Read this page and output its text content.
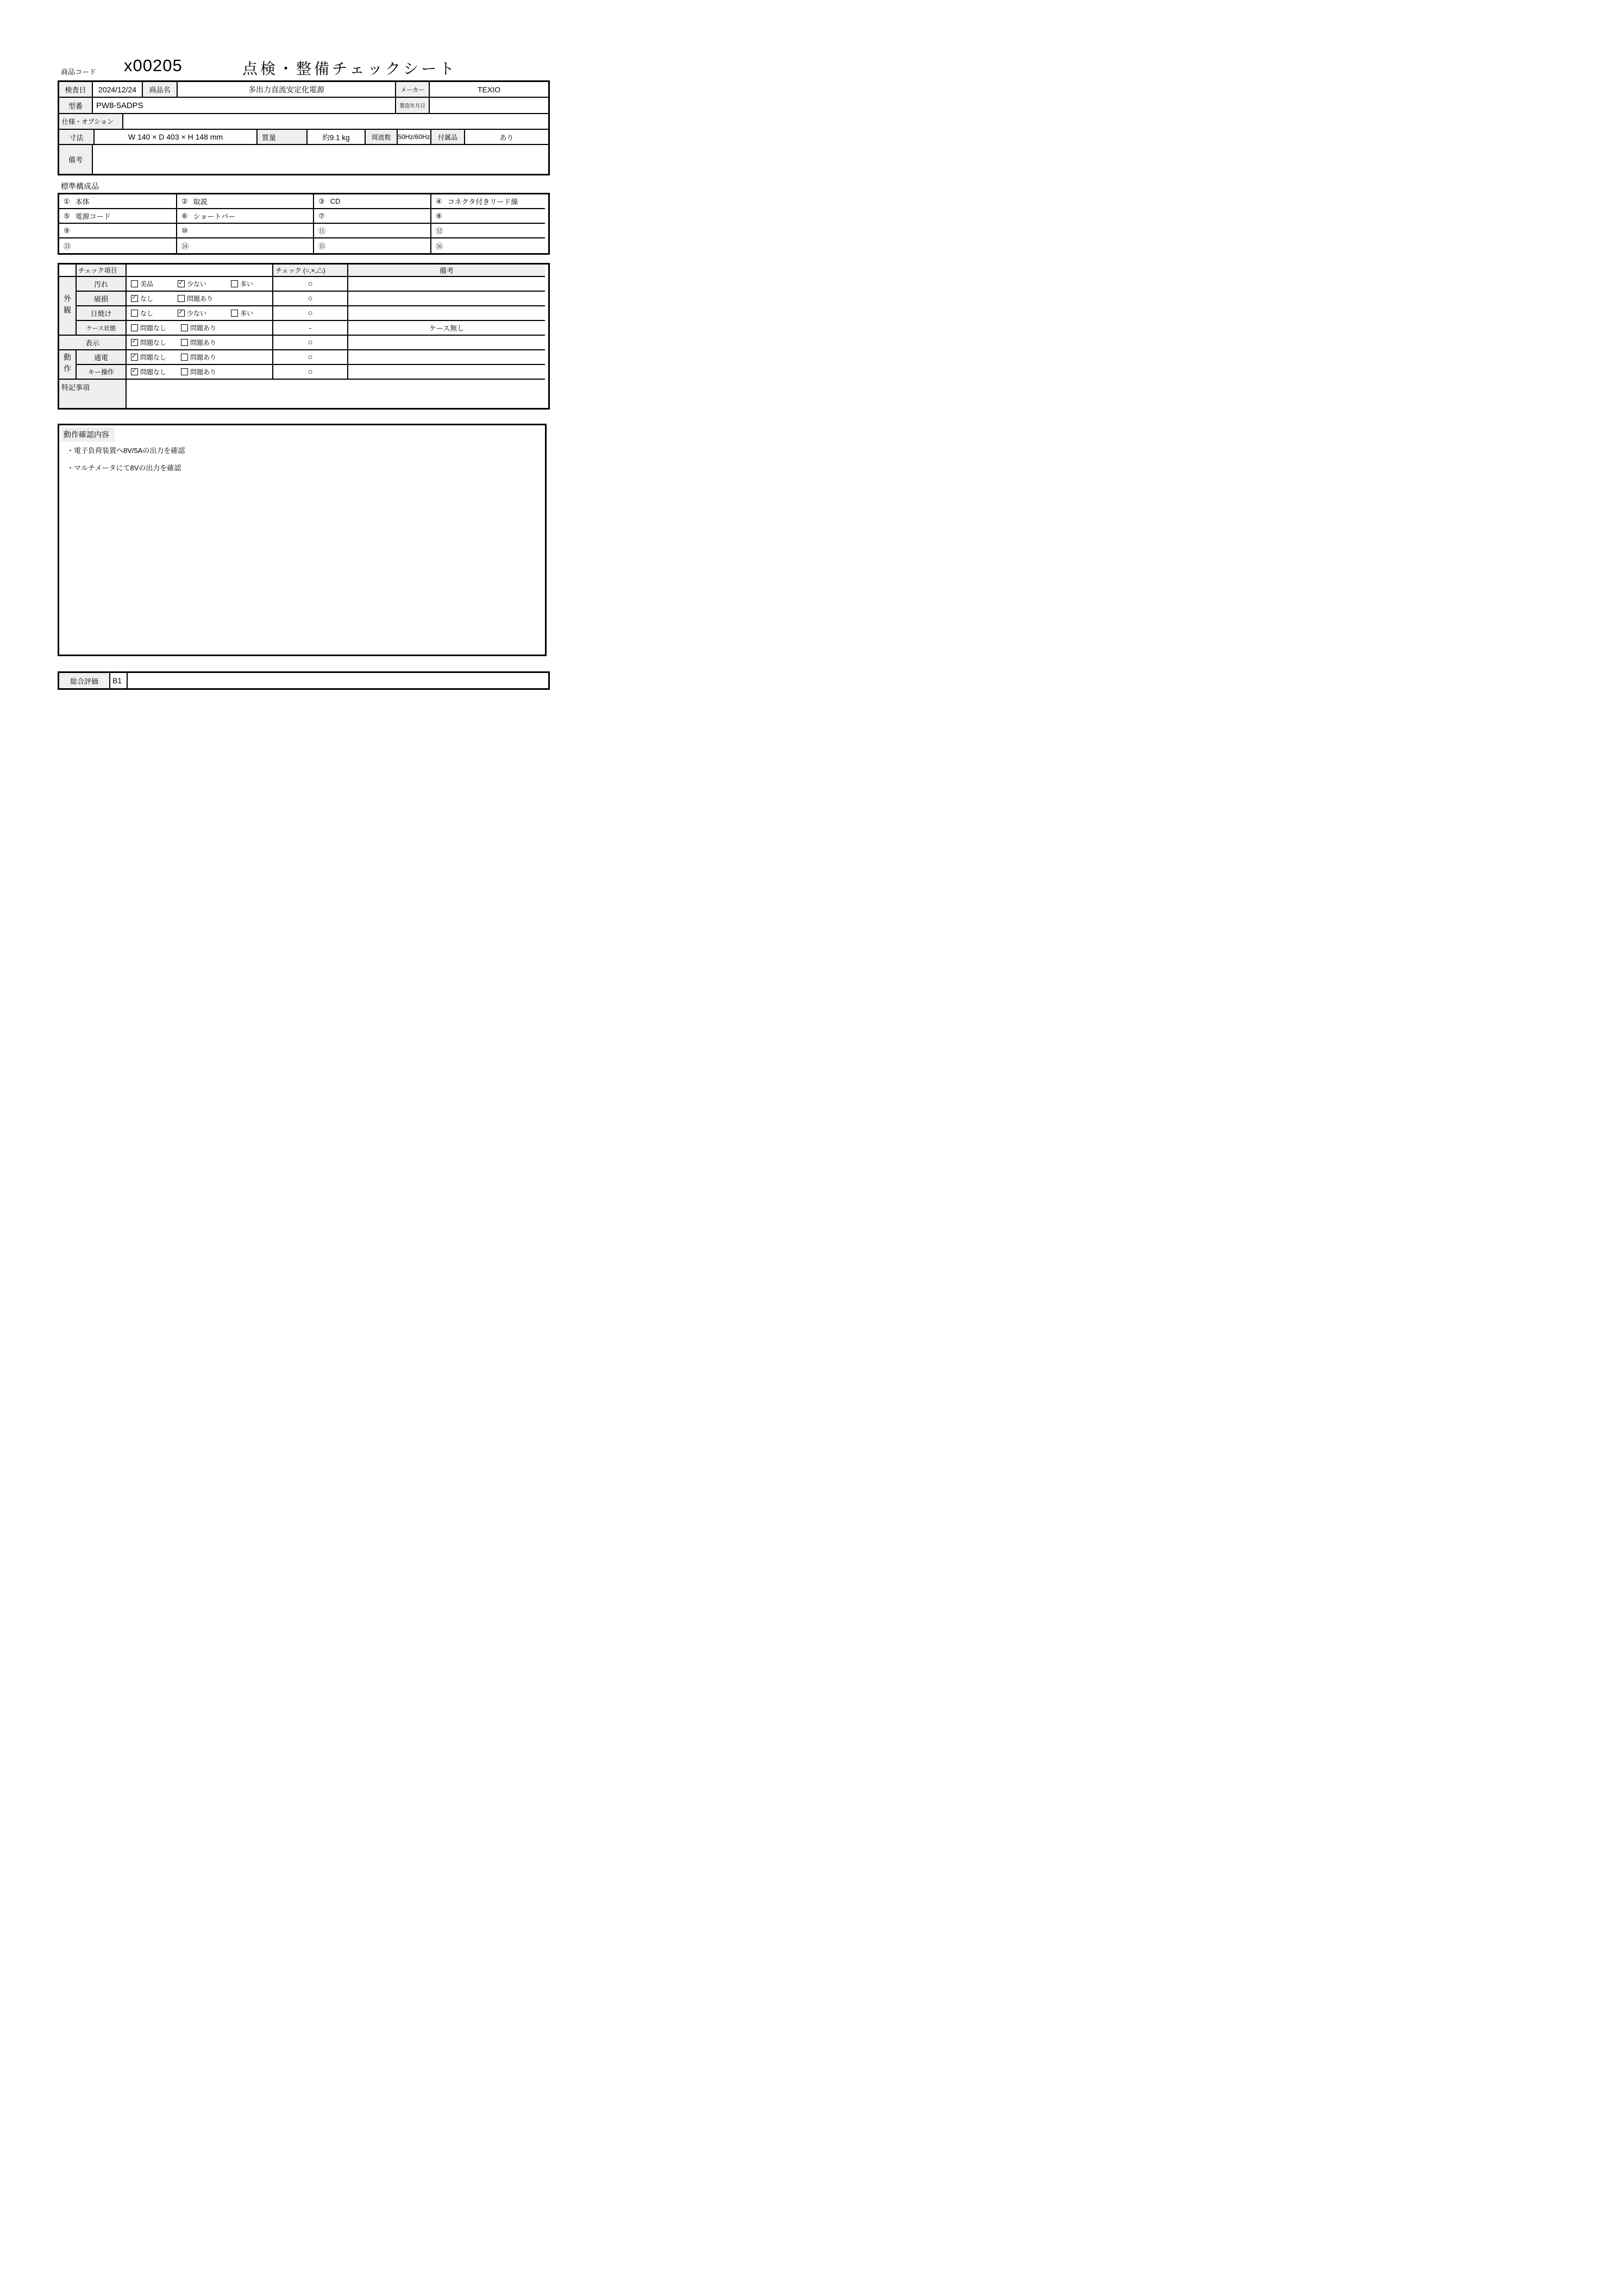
商品コード x00205	点検・整備チェックシート
検査日	2024/12/24	商品名	多出力直流安定化電源	メーカー	TEXIO
型番	PW8-5ADPS	製造年月日
仕様・オプション
寸法	W 140 × D 403 × H 148 mm	質量	約9.1 kg	周波数	50Hz/60Hz	付属品	あり
備考
標準構成品
① 本体	② 取説	③ CD	④ コネクタ付きリード線
⑤ 電源コード	⑥ ショートバー	⑦	⑧
⑨	⑩	⑪	⑫
⑬	⑭	⑮	⑯
チェック項目	チェック (○,×,△)	備考
外観
汚れ	美品 ✓	少ない	多い	○
破損 ✓	なし	問題あり	○
日焼け	なし ✓	少ない	多い	○
ケース状態	問題なし	問題あり	-	ケース無し
表示 ✓	問題なし	問題あり	○
動作	通電 ✓	問題なし	問題あり	○
キー操作 ✓	問題なし	問題あり	○
特記事項
動作確認内容
・電子負荷装置へ8V/5Aの出力を確認
・マルチメータにて8Vの出力を確認
総合評価	B1
